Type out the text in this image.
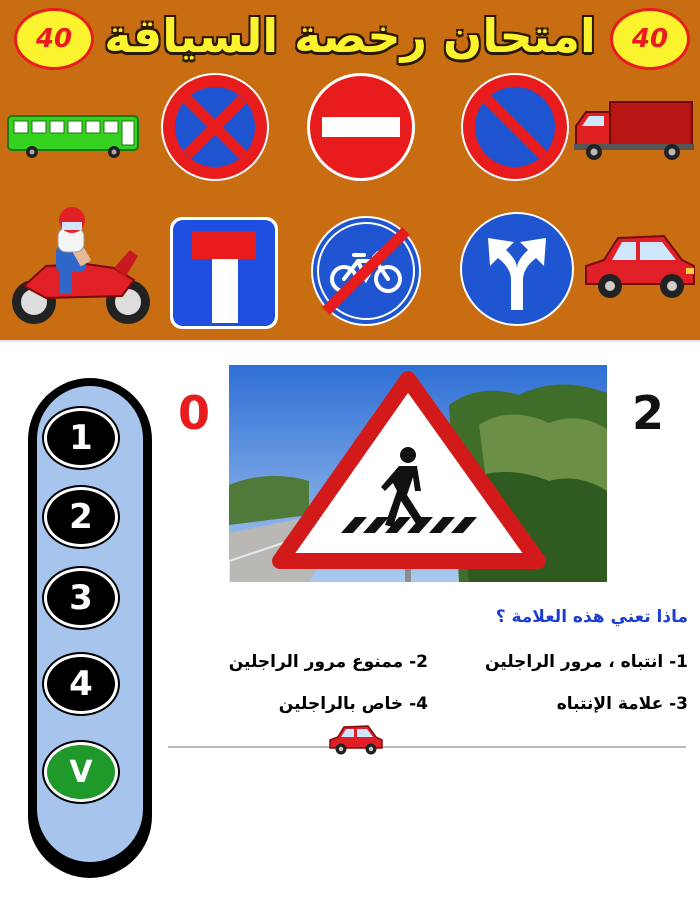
40 امتحان رخصة السياقة	40
1
2
3
4
V
0	2
ماذا تعني هذه العلامة ؟
1- انتباه ، مرور الراجلين
2- ممنوع مرور الراجلين
3- علامة الإنتباه
4- خاص بالراجلين
